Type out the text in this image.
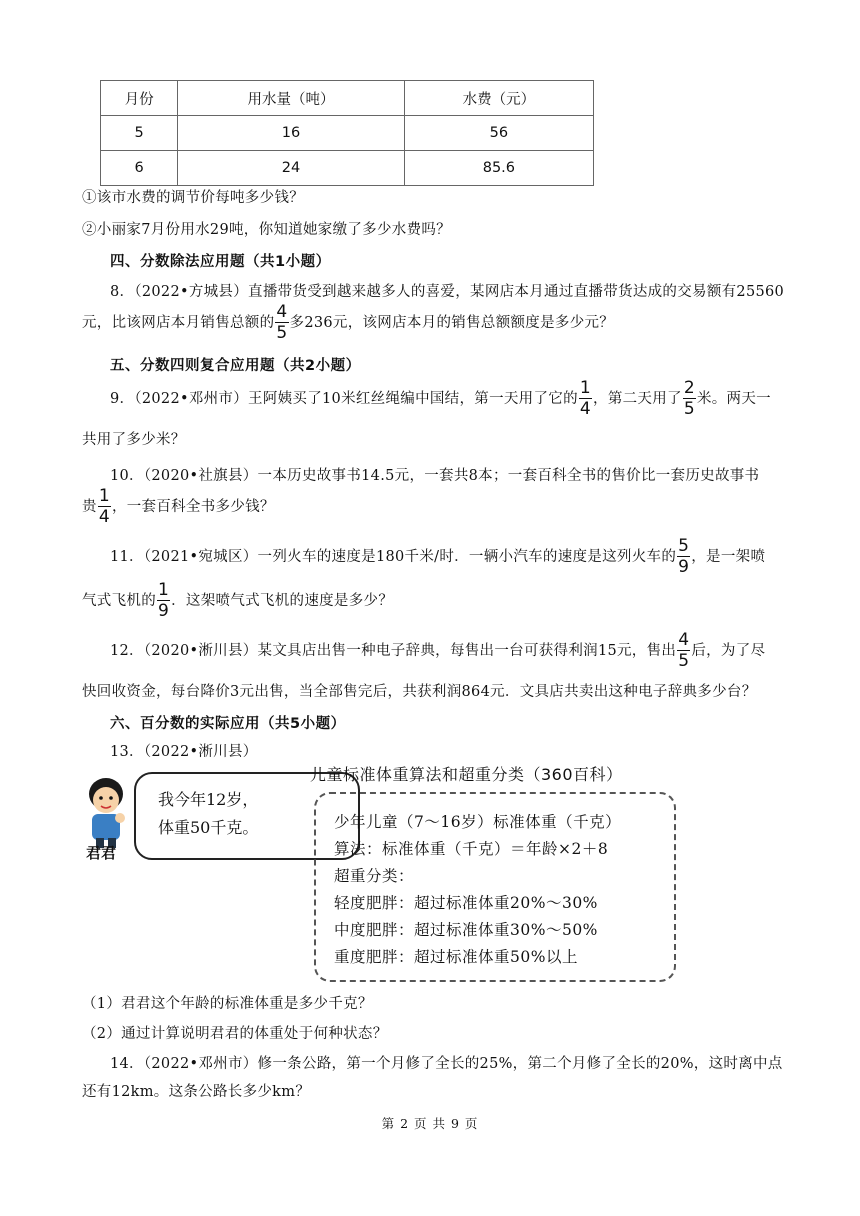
月份	用水量（吨）	水费（元）
5	16	56
6	24	85.6
①该市水费的调节价每吨多少钱？
②小丽家7月份用水29吨，你知道她家缴了多少水费吗？
四、分数除法应用题（共1小题）
8．（2022•方城县）直播带货受到越来越多人的喜爱，某网店本月通过直播带货达成的交易额有25560
元，比该网店本月销售总额的 $\frac{4}{5}$ 多236元，该网店本月的销售总额额度是多少元？
五、分数四则复合应用题（共2小题）
9．（2022•邓州市）王阿姨买了10米红丝绳编中国结，第一天用了它的 $\frac{1}{4}$ ，第二天用了 $\frac{2}{5}$ 米。两天一
共用了多少米？
10．（2020•社旗县）一本历史故事书14.5元，一套共8本；一套百科全书的售价比一套历史故事书
贵 $\frac{1}{4}$ ，一套百科全书多少钱？
11．（2021•宛城区）一列火车的速度是180千米/时．一辆小汽车的速度是这列火车的 $\frac{5}{9}$ ，是一架喷
气式飞机的 $\frac{1}{9}$ ．这架喷气式飞机的速度是多少？
12．（2020•淅川县）某文具店出售一种电子辞典，每售出一台可获得利润15元，售出 $\frac{4}{5}$ 后，为了尽
快回收资金，每台降价3元出售，当全部售完后，共获利润864元．文具店共卖出这种电子辞典多少台？
六、百分数的实际应用（共5小题）
13．（2022•淅川县）
君君
我今年12岁，
体重50千克。
儿童标准体重算法和超重分类（360百科）
少年儿童（7～16岁）标准体重（千克）
算法：标准体重（千克）＝年龄×2＋8
超重分类：
轻度肥胖：超过标准体重20%～30%
中度肥胖：超过标准体重30%～50%
重度肥胖：超过标准体重50%以上
（1）君君这个年龄的标准体重是多少千克？
（2）通过计算说明君君的体重处于何种状态？
14．（2022•邓州市）修一条公路，第一个月修了全长的25%，第二个月修了全长的20%，这时离中点
还有12km。这条公路长多少km？
第 2 页 共 9 页
